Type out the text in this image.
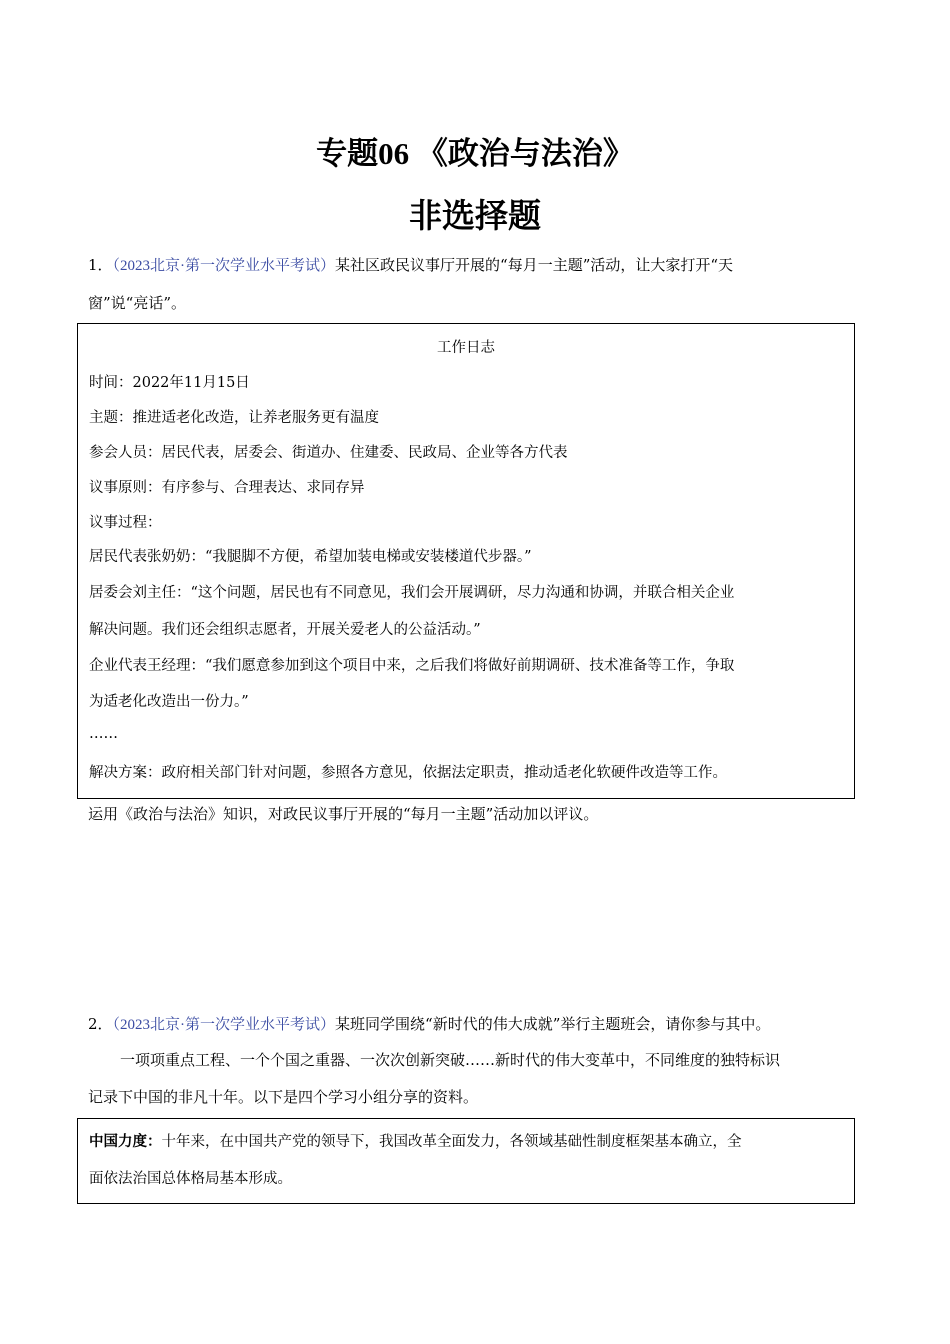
专题06 《政治与法治》
非选择题
1．（2023北京·第一次学业水平考试）某社区政民议事厅开展的“每月一主题”活动，让大家打开“天
窗”说“亮话”。
工作日志
时间：2022年11月15日
主题：推进适老化改造，让养老服务更有温度
参会人员：居民代表，居委会、街道办、住建委、民政局、企业等各方代表
议事原则：有序参与、合理表达、求同存异
议事过程：
居民代表张奶奶：“我腿脚不方便，希望加装电梯或安装楼道代步器。”
居委会刘主任：“这个问题，居民也有不同意见，我们会开展调研，尽力沟通和协调，并联合相关企业
解决问题。我们还会组织志愿者，开展关爱老人的公益活动。”
企业代表王经理：“我们愿意参加到这个项目中来，之后我们将做好前期调研、技术准备等工作，争取
为适老化改造出一份力。”
……
解决方案：政府相关部门针对问题，参照各方意见，依据法定职责，推动适老化软硬件改造等工作。
运用《政治与法治》知识，对政民议事厅开展的“每月一主题”活动加以评议。
2．（2023北京·第一次学业水平考试）某班同学围绕“新时代的伟大成就”举行主题班会，请你参与其中。
一项项重点工程、一个个国之重器、一次次创新突破……新时代的伟大变革中，不同维度的独特标识
记录下中国的非凡十年。以下是四个学习小组分享的资料。
中国力度：十年来，在中国共产党的领导下，我国改革全面发力，各领域基础性制度框架基本确立，全
面依法治国总体格局基本形成。
